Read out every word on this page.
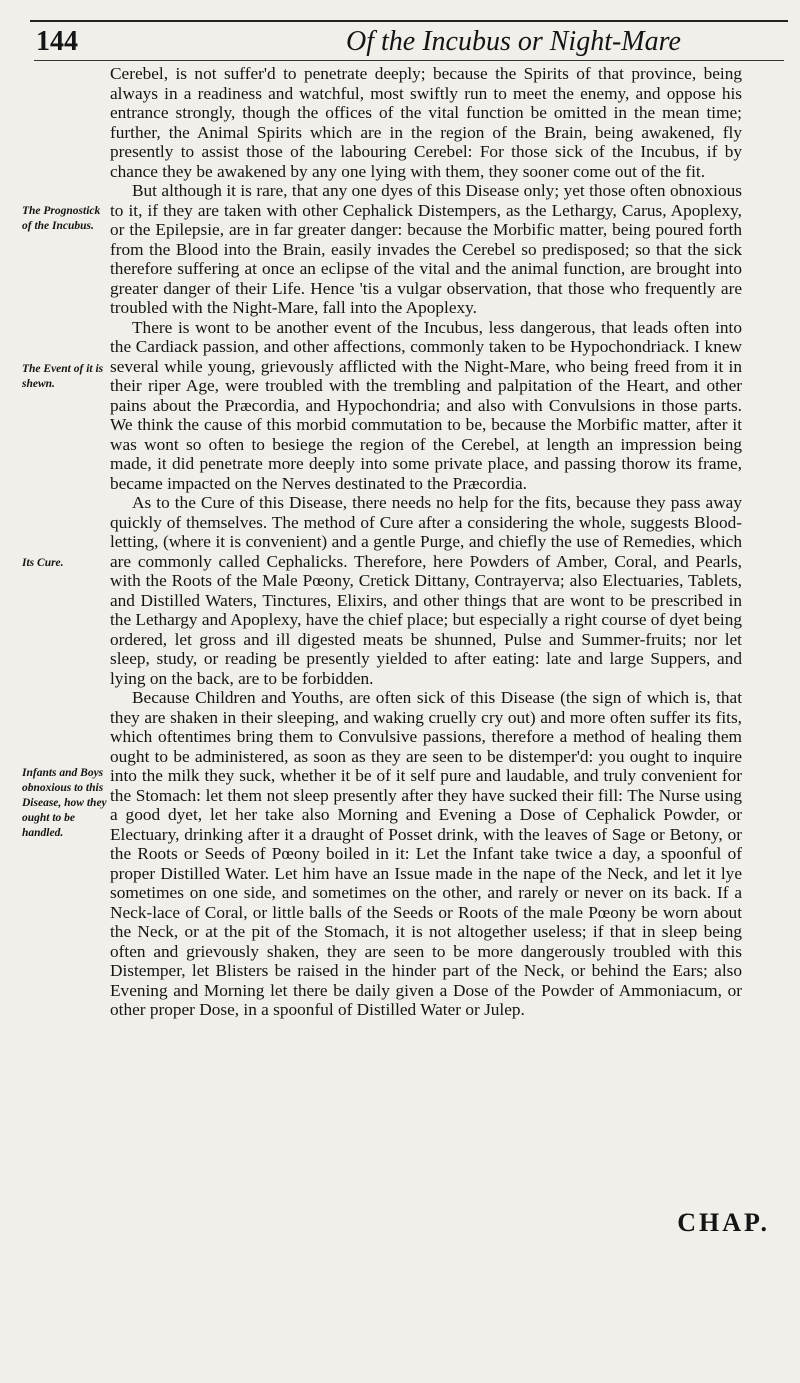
144	Of the Incubus or Night-Mare
The Prognostick of the Incubus.
The Event of it is shewn.
Its Cure.
Infants and Boys obnoxious to this Disease, how they ought to be handled.

Cerebel, is not suffer'd to penetrate deeply; because the Spirits of that province, being always in a readiness and watchful, most swiftly run to meet the enemy, and oppose his entrance strongly, though the offices of the vital function be omitted in the mean time; further, the Animal Spirits which are in the region of the Brain, being awakened, fly presently to assist those of the labouring Cerebel: For those sick of the Incubus, if by chance they be awakened by any one lying with them, they sooner come out of the fit.

But although it is rare, that any one dyes of this Disease only; yet those often obnoxious to it, if they are taken with other Cephalick Distempers, as the Lethargy, Carus, Apoplexy, or the Epilepsie, are in far greater danger: because the Morbific matter, being poured forth from the Blood into the Brain, easily invades the Cerebel so predisposed; so that the sick therefore suffering at once an eclipse of the vital and the animal function, are brought into greater danger of their Life. Hence 'tis a vulgar observation, that those who frequently are troubled with the Night-Mare, fall into the Apoplexy.

There is wont to be another event of the Incubus, less dangerous, that leads often into the Cardiack passion, and other affections, commonly taken to be Hypochondriack. I knew several while young, grievously afflicted with the Night-Mare, who being freed from it in their riper Age, were troubled with the trembling and palpitation of the Heart, and other pains about the Præcordia, and Hypochondria; and also with Convulsions in those parts. We think the cause of this morbid commutation to be, because the Morbific matter, after it was wont so often to besiege the region of the Cerebel, at length an impression being made, it did penetrate more deeply into some private place, and passing thorow its frame, became impacted on the Nerves destinated to the Præcordia.

As to the Cure of this Disease, there needs no help for the fits, because they pass away quickly of themselves. The method of Cure after a considering the whole, suggests Blood-letting, (where it is convenient) and a gentle Purge, and chiefly the use of Remedies, which are commonly called Cephalicks. Therefore, here Powders of Amber, Coral, and Pearls, with the Roots of the Male Pœony, Cretick Dittany, Contrayerva; also Electuaries, Tablets, and Distilled Waters, Tinctures, Elixirs, and other things that are wont to be prescribed in the Lethargy and Apoplexy, have the chief place; but especially a right course of dyet being ordered, let gross and ill digested meats be shunned, Pulse and Summer-fruits; nor let sleep, study, or reading be presently yielded to after eating: late and large Suppers, and lying on the back, are to be forbidden.

Because Children and Youths, are often sick of this Disease (the sign of which is, that they are shaken in their sleeping, and waking cruelly cry out) and more often suffer its fits, which oftentimes bring them to Convulsive passions, therefore a method of healing them ought to be administered, as soon as they are seen to be distemper'd: you ought to inquire into the milk they suck, whether it be of it self pure and laudable, and truly convenient for the Stomach: let them not sleep presently after they have sucked their fill: The Nurse using a good dyet, let her take also Morning and Evening a Dose of Cephalick Powder, or Electuary, drinking after it a draught of Posset drink, with the leaves of Sage or Betony, or the Roots or Seeds of Pœony boiled in it: Let the Infant take twice a day, a spoonful of proper Distilled Water. Let him have an Issue made in the nape of the Neck, and let it lye sometimes on one side, and sometimes on the other, and rarely or never on its back. If a Neck-lace of Coral, or little balls of the Seeds or Roots of the male Pœony be worn about the Neck, or at the pit of the Stomach, it is not altogether useless; if that in sleep being often and grievously shaken, they are seen to be more dangerously troubled with this Distemper, let Blisters be raised in the hinder part of the Neck, or behind the Ears; also Evening and Morning let there be daily given a Dose of the Powder of Ammoniacum, or other proper Dose, in a spoonful of Distilled Water or Julep.

CHAP.
